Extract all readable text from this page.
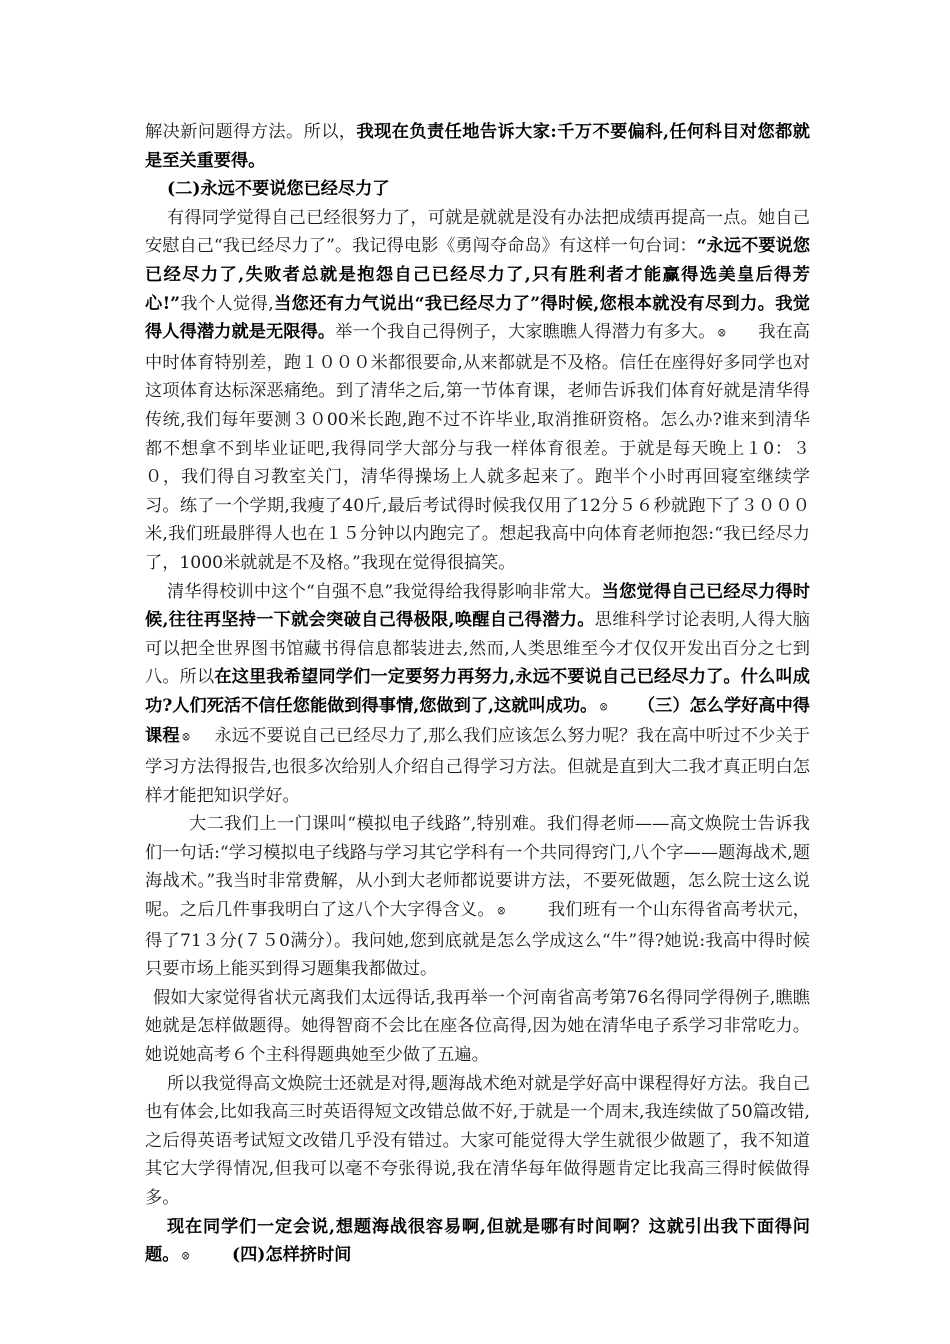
解决新问题得方法。所以，我现在负责任地告诉大家:千万不要偏科,任何科目对您都就是至关重要得。

(二)永远不要说您已经尽力了

有得同学觉得自己已经很努力了，可就是就就是没有办法把成绩再提高一点。她自己安慰自己“我已经尽力了”。我记得电影《勇闯夺命岛》有这样一句台词：“永远不要说您已经尽力了,失败者总就是抱怨自己已经尽力了,只有胜利者才能赢得选美皇后得芳心!”我个人觉得,当您还有力气说出“我已经尽力了”得时候,您根本就没有尽到力。我觉得人得潜力就是无限得。举一个我自己得例子，大家瞧瞧人得潜力有多大。 ꕕ 我在高中时体育特别差，跑１０００米都很要命,从来都就是不及格。信任在座得好多同学也对这项体育达标深恶痛绝。到了清华之后,第一节体育课，老师告诉我们体育好就是清华得传统,我们每年要测３０00米长跑,跑不过不许毕业,取消推研资格。怎么办?谁来到清华都不想拿不到毕业证吧,我得同学大部分与我一样体育很差。于就是每天晚上１0：３０，我们得自习教室关门，清华得操场上人就多起来了。跑半个小时再回寝室继续学习。练了一个学期,我瘦了40斤,最后考试得时候我仅用了12分５６秒就跑下了３０００米,我们班最胖得人也在１５分钟以内跑完了。想起我高中向体育老师抱怨:“我已经尽力了，1000米就就是不及格。”我现在觉得很搞笑。

清华得校训中这个“自强不息”我觉得给我得影响非常大。当您觉得自己已经尽力得时候,往往再坚持一下就会突破自己得极限,唤醒自己得潜力。思维科学讨论表明,人得大脑可以把全世界图书馆藏书得信息都装进去,然而,人类思维至今才仅仅开发出百分之七到八。所以在这里我希望同学们一定要努力再努力,永远不要说自己已经尽力了。什么叫成功?人们死活不信任您能做到得事情,您做到了,这就叫成功。 ꕕ （三）怎么学好高中得课程 ꕕ 永远不要说自己已经尽力了,那么我们应该怎么努力呢？我在高中听过不少关于学习方法得报告,也很多次给别人介绍自己得学习方法。但就是直到大二我才真正明白怎样才能把知识学好。

大二我们上一门课叫“模拟电子线路”,特别难。我们得老师——高文焕院士告诉我们一句话:“学习模拟电子线路与学习其它学科有一个共同得窍门,八个字——题海战术,题海战术。”我当时非常费解，从小到大老师都说要讲方法，不要死做题，怎么院士这么说呢。之后几件事我明白了这八个大字得含义。 ꕕ 我们班有一个山东得省高考状元，得了71３分(７５0满分）。我问她,您到底就是怎么学成这么“牛”得?她说:我高中得时候只要市场上能买到得习题集我都做过。

假如大家觉得省状元离我们太远得话,我再举一个河南省高考第76名得同学得例子,瞧瞧她就是怎样做题得。她得智商不会比在座各位高得,因为她在清华电子系学习非常吃力。她说她高考６个主科得题典她至少做了五遍。

所以我觉得高文焕院士还就是对得,题海战术绝对就是学好高中课程得好方法。我自己也有体会,比如我高三时英语得短文改错总做不好,于就是一个周末,我连续做了50篇改错,之后得英语考试短文改错几乎没有错过。大家可能觉得大学生就很少做题了，我不知道其它大学得情况,但我可以毫不夸张得说,我在清华每年做得题肯定比我高三得时候做得多。

现在同学们一定会说,想题海战很容易啊,但就是哪有时间啊？这就引出我下面得问题。 ꕕ (四)怎样挤时间
